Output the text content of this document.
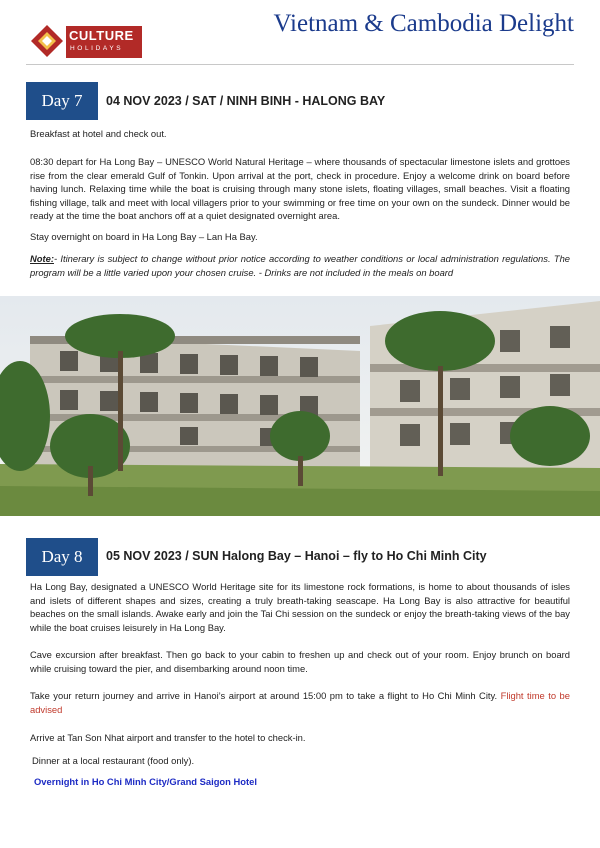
CULTURE
HOLIDAYS
Vietnam & Cambodia Delight
Day 7	04 NOV 2023 / SAT / NINH BINH - HALONG BAY

Breakfast at hotel and check out.

08:30 depart for Ha Long Bay – UNESCO World Natural Heritage – where thousands of spectacular limestone islets and grottoes rise from the clear emerald Gulf of Tonkin. Upon arrival at the port, check in procedure. Enjoy a welcome drink on board before having lunch. Relaxing time while the boat is cruising through many stone islets, floating villages, small beaches. Visit a floating fishing village, talk and meet with local villagers prior to your swimming or free time on your own on the sundeck. Dinner would be ready at the time the boat anchors off at a quiet designated overnight area.

Stay overnight on board in Ha Long Bay – Lan Ha Bay.

Note:- Itinerary is subject to change without prior notice according to weather conditions or local administration regulations. The program will be a little varied upon your chosen cruise. - Drinks are not included in the meals on board

Day 8	05 NOV 2023 / SUN Halong Bay – Hanoi – fly to Ho Chi Minh City

Ha Long Bay, designated a UNESCO World Heritage site for its limestone rock formations, is home to about thousands of isles and islets of different shapes and sizes, creating a truly breath-taking seascape. Ha Long Bay is also attractive for beautiful beaches on the small islands. Awake early and join the Tai Chi session on the sundeck or enjoy the breath-taking views of the bay while the boat cruises leisurely in Ha Long Bay.

Cave excursion after breakfast. Then go back to your cabin to freshen up and check out of your room. Enjoy brunch on board while cruising toward the pier, and disembarking around noon time.

Take your return journey and arrive in Hanoi’s airport at around 15:00 pm to take a flight to Ho Chi Minh City. Flight time to be advised

Arrive at Tan Son Nhat airport and transfer to the hotel to check-in.

Dinner at a local restaurant (food only).

Overnight in Ho Chi Minh City/Grand Saigon Hotel
